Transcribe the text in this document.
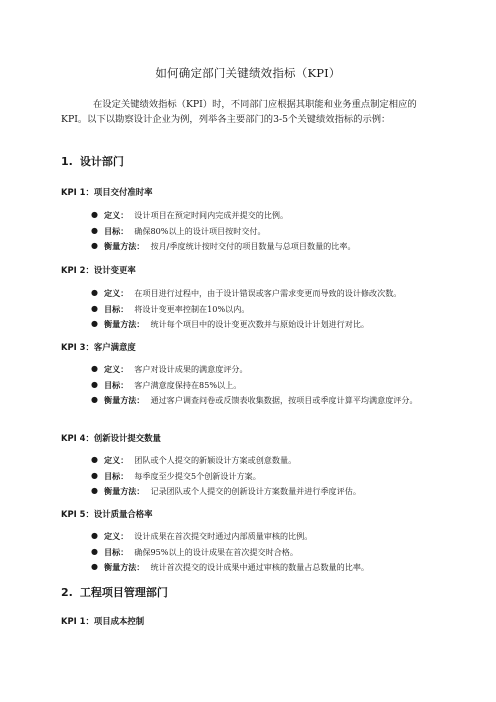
如何确定部门关键绩效指标（KPI）
在设定关键绩效指标（KPI）时，不同部门应根据其职能和业务重点制定相应的KPI。以下以勘察设计企业为例，列举各主要部门的3-5个关键绩效指标的示例：
1. 设计部门
KPI 1：项目交付准时率
● 定义： 设计项目在预定时间内完成并提交的比例。
● 目标： 确保80%以上的设计项目按时交付。
● 衡量方法： 按月/季度统计按时交付的项目数量与总项目数量的比率。
KPI 2：设计变更率
● 定义： 在项目进行过程中，由于设计错误或客户需求变更而导致的设计修改次数。
● 目标： 将设计变更率控制在10%以内。
● 衡量方法： 统计每个项目中的设计变更次数并与原始设计计划进行对比。
KPI 3：客户满意度
● 定义： 客户对设计成果的满意度评分。
● 目标： 客户满意度保持在85%以上。
● 衡量方法： 通过客户调查问卷或反馈表收集数据，按项目或季度计算平均满意度评分。
KPI 4：创新设计提交数量
● 定义： 团队或个人提交的新颖设计方案或创意数量。
● 目标： 每季度至少提交5个创新设计方案。
● 衡量方法： 记录团队或个人提交的创新设计方案数量并进行季度评估。
KPI 5：设计质量合格率
● 定义： 设计成果在首次提交时通过内部质量审核的比例。
● 目标： 确保95%以上的设计成果在首次提交时合格。
● 衡量方法： 统计首次提交的设计成果中通过审核的数量占总数量的比率。
2. 工程项目管理部门
KPI 1：项目成本控制
